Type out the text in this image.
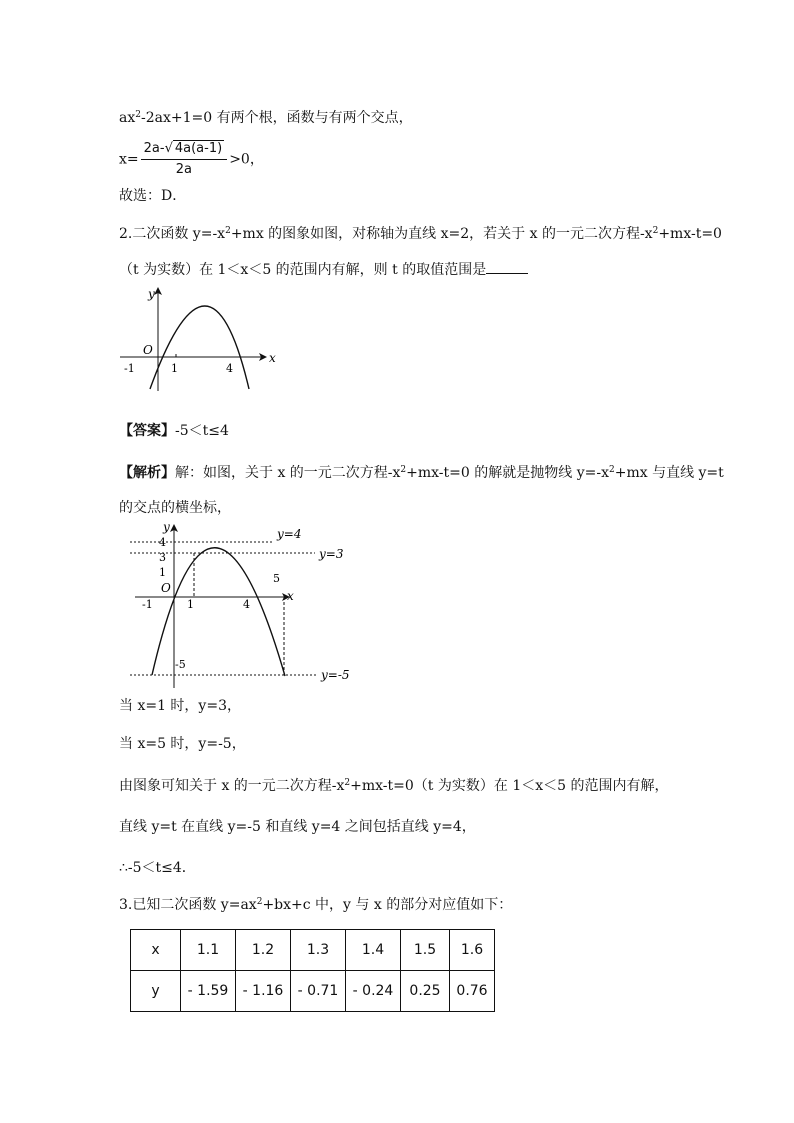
$ax^2-2ax+1=0$ 有两个根，函数与有两个交点，
$x= \frac{2a-√ 4a(a-1)}{2a} >0$，
故选：D．
2.二次函数 $y=-x^2+mx$ 的图象如图，对称轴为直线 x=2，若关于 x 的一元二次方程$-x^2+mx-t=0$
（t 为实数）在 1＜x＜5 的范围内有解，则 t 的取值范围是
y
x
O
-1	1	4
【答案】-5＜t≤4
【解析】解：如图，关于 x 的一元二次方程$-x^2+mx-t=0$ 的解就是抛物线 $y=-x^2+mx$ 与直线 y=t
的交点的横坐标，
y
x
O
y=4
y=3
y=-5
4
3
1
-5
-1	1	4
5
当 x=1 时，y=3，
当 x=5 时，y=-5，
由图象可知关于 x 的一元二次方程$-x^2+mx-t=0(t$ 为实数）在 1＜x＜5 的范围内有解，
直线 y=t 在直线 y=-5 和直线 y=4 之间包括直线 y=4，
∴-5＜t≤4．
3.已知二次函数 $y=ax^2+bx+c$ 中，y 与 x 的部分对应值如下：
x	1.1	1.2	1.3	1.4	1.5	1.6
y	- 1.59	- 1.16	- 0.71	- 0.24	0.25	0.76
